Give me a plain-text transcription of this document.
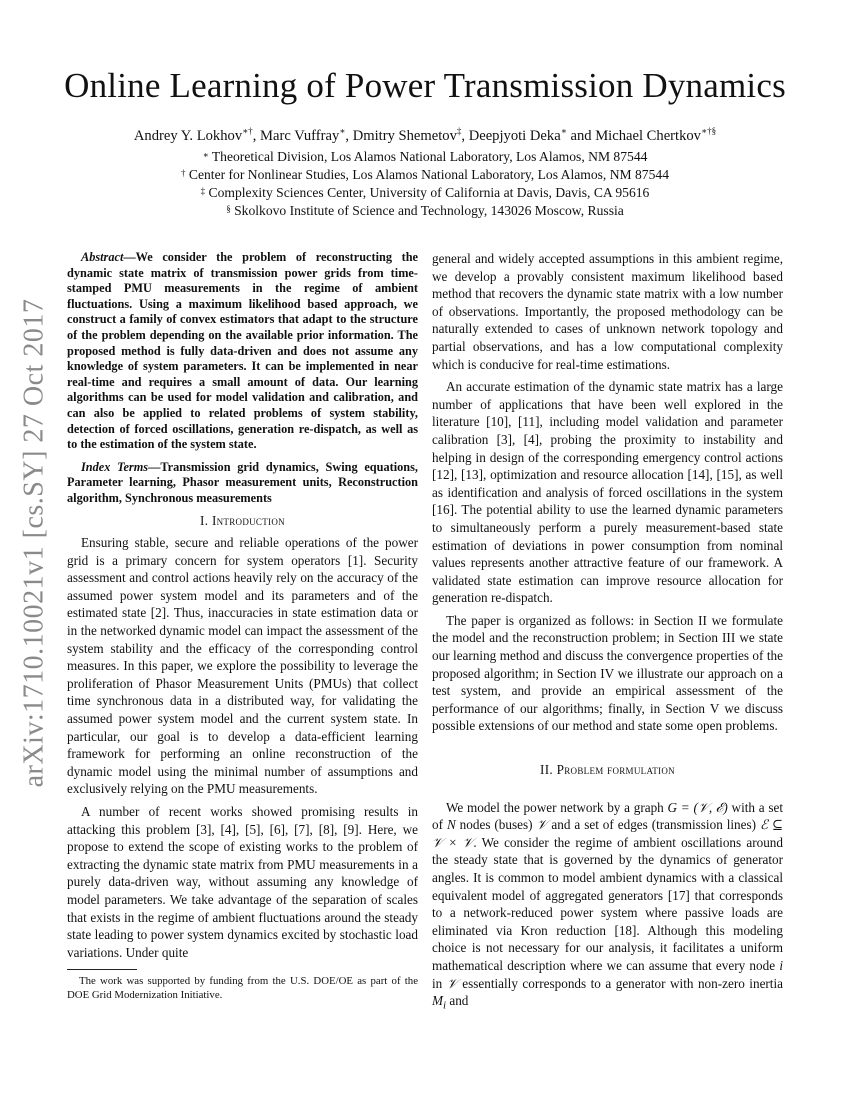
arXiv:1710.10021v1 [cs.SY] 27 Oct 2017
Online Learning of Power Transmission Dynamics
Andrey Y. Lokhov∗†, Marc Vuffray∗, Dmitry Shemetov‡, Deepjyoti Deka∗ and Michael Chertkov∗†§
∗ Theoretical Division, Los Alamos National Laboratory, Los Alamos, NM 87544
† Center for Nonlinear Studies, Los Alamos National Laboratory, Los Alamos, NM 87544
‡ Complexity Sciences Center, University of California at Davis, Davis, CA 95616
§ Skolkovo Institute of Science and Technology, 143026 Moscow, Russia

Abstract—We consider the problem of reconstructing the dynamic state matrix of transmission power grids from time-stamped PMU measurements in the regime of ambient fluctuations. Using a maximum likelihood based approach, we construct a family of convex estimators that adapt to the structure of the problem depending on the available prior information. The proposed method is fully data-driven and does not assume any knowledge of system parameters. It can be implemented in near real-time and requires a small amount of data. Our learning algorithms can be used for model validation and calibration, and can also be applied to related problems of system stability, detection of forced oscillations, generation re-dispatch, as well as to the estimation of the system state.

Index Terms—Transmission grid dynamics, Swing equations, Parameter learning, Phasor measurement units, Reconstruction algorithm, Synchronous measurements

I. Introduction

Ensuring stable, secure and reliable operations of the power grid is a primary concern for system operators [1]. Security assessment and control actions heavily rely on the accuracy of the assumed power system model and its parameters and of the estimated state [2]. Thus, inaccuracies in state estimation data or in the networked dynamic model can impact the assessment of the system stability and the efficacy of the corresponding control measures. In this paper, we explore the possibility to leverage the proliferation of Phasor Measurement Units (PMUs) that collect time synchronous data in a distributed way, for validating the assumed power system model and the current system state. In particular, our goal is to develop a data-efficient learning framework for performing an online reconstruction of the dynamic model using the minimal number of assumptions and exclusively relying on the PMU measurements.

A number of recent works showed promising results in attacking this problem [3], [4], [5], [6], [7], [8], [9]. Here, we propose to extend the scope of existing works to the problem of extracting the dynamic state matrix from PMU measurements in a purely data-driven way, without assuming any knowledge of model parameters. We take advantage of the separation of scales that exists in the regime of ambient fluctuations around the steady state leading to power system dynamics excited by stochastic load variations. Under quite

general and widely accepted assumptions in this ambient regime, we develop a provably consistent maximum likelihood based method that recovers the dynamic state matrix with a low number of observations. Importantly, the proposed methodology can be naturally extended to cases of unknown network topology and partial observations, and has a low computational complexity which is conducive for real-time estimations.

An accurate estimation of the dynamic state matrix has a large number of applications that have been well explored in the literature [10], [11], including model validation and parameter calibration [3], [4], probing the proximity to instability and helping in design of the corresponding emergency control actions [12], [13], optimization and resource allocation [14], [15], as well as identification and analysis of forced oscillations in the system [16]. The potential ability to use the learned dynamic parameters to simultaneously perform a purely measurement-based state estimation of deviations in power consumption from nominal values represents another attractive feature of our framework. A validated state estimation can improve resource allocation for generation re-dispatch.

The paper is organized as follows: in Section II we formulate the model and the reconstruction problem; in Section III we state our learning method and discuss the convergence properties of the proposed algorithm; in Section IV we illustrate our approach on a test system, and provide an empirical assessment of the performance of our algorithms; finally, in Section V we discuss possible extensions of our method and state some open problems.

II. Problem formulation

We model the power network by a graph G = (𝒱, ℰ) with a set of N nodes (buses) 𝒱 and a set of edges (transmission lines) ℰ ⊆ 𝒱 × 𝒱. We consider the regime of ambient oscillations around the steady state that is governed by the dynamics of generator angles. It is common to model ambient dynamics with a classical equivalent model of aggregated generators [17] that corresponds to a network-reduced power system where passive loads are eliminated via Kron reduction [18]. Although this modeling choice is not necessary for our analysis, it facilitates a uniform mathematical description where we can assume that every node i in 𝒱 essentially corresponds to a generator with non-zero inertia $M_i$ and

The work was supported by funding from the U.S. DOE/OE as part of the DOE Grid Modernization Initiative.
